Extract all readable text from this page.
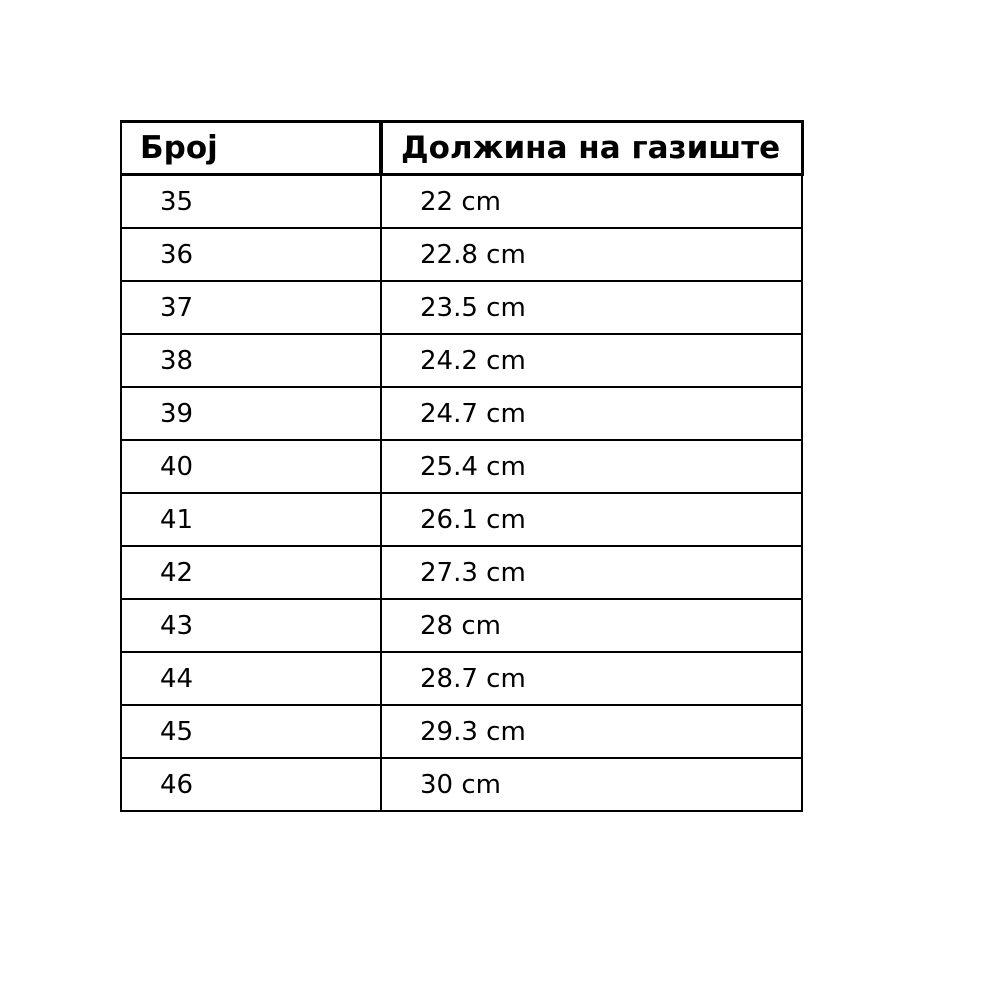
Број	Должина на газиште
35	22 cm
36	22.8 cm
37	23.5 cm
38	24.2 cm
39	24.7 cm
40	25.4 cm
41	26.1 cm
42	27.3 cm
43	28 cm
44	28.7 cm
45	29.3 cm
46	30 cm
